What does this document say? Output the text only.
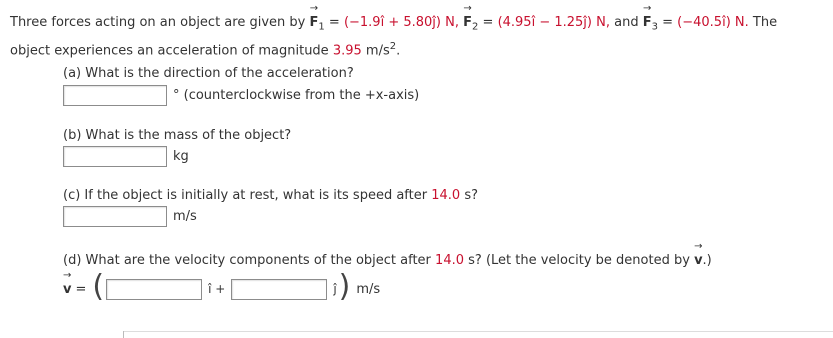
Three forces acting on an object are given by → $F_1$ = (−1.9î + 5.80ĵ) N, → $F_2$ = (4.95î − 1.25ĵ) N, and → $F_3$ = (−40.5î) N. The
object experiences an acceleration of magnitude 3.95 $m/s^2$.
(a) What is the direction of the acceleration?
° (counterclockwise from the +x-axis)
(b) What is the mass of the object?
kg
(c) If the object is initially at rest, what is its speed after 14.0 s?
m/s
(d) What are the velocity components of the object after 14.0 s? (Let the velocity be denoted by → v.)
→ v = (	î +	ĵ ) m/s
